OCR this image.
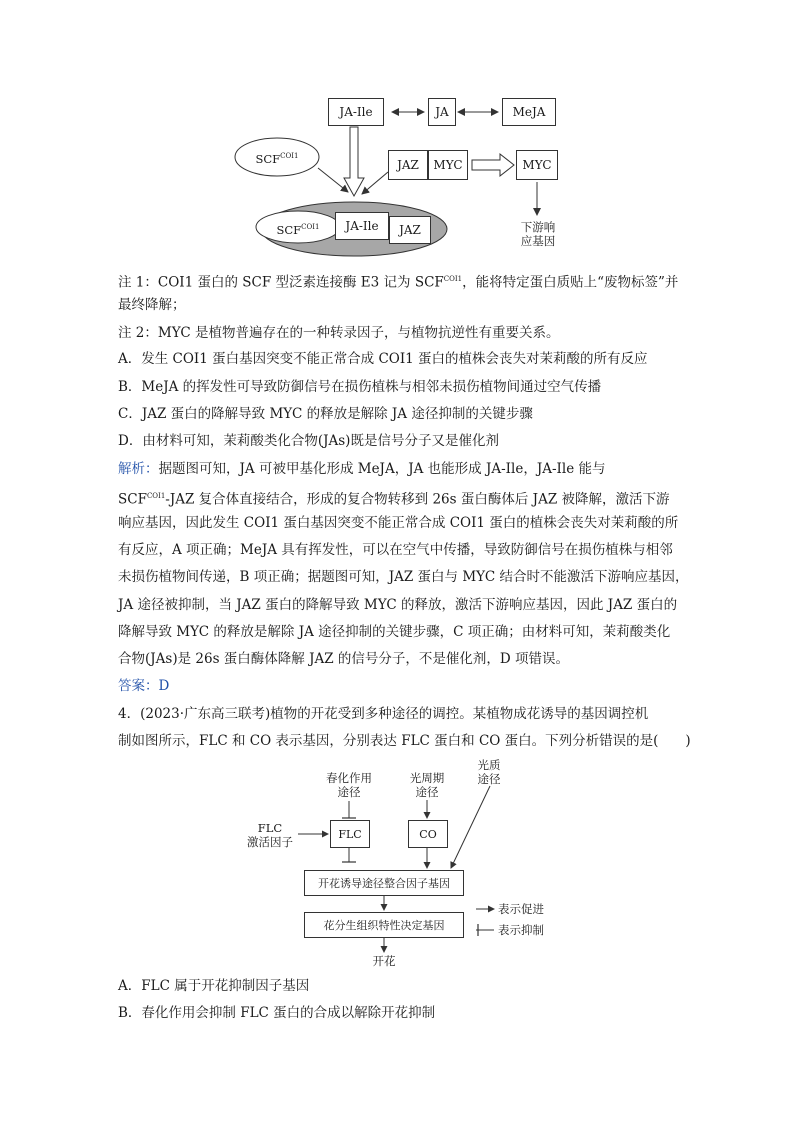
JA-Ile	JA	MeJA
$SCF^{COI1}$
JAZ MYC	MYC
$SCF^{COI1}$	JA-Ile JAZ	下游响
应基因
注 1：COI1 蛋白的 SCF 型泛素连接酶 E3 记为 $SCF^{COI1}$，能将特定蛋白质贴上“废物标签”并
最终降解；
注 2：MYC 是植物普遍存在的一种转录因子，与植物抗逆性有重要关系。
A．发生 COI1 蛋白基因突变不能正常合成 COI1 蛋白的植株会丧失对茉莉酸的所有反应
B．MeJA 的挥发性可导致防御信号在损伤植株与相邻未损伤植物间通过空气传播
C．JAZ 蛋白的降解导致 MYC 的释放是解除 JA 途径抑制的关键步骤
D．由材料可知，茉莉酸类化合物(JAs)既是信号分子又是催化剂
解析：据题图可知，JA 可被甲基化形成 MeJA，JA 也能形成 JA-Ile，JA-Ile 能与
$SCF^{COI1}$-JAZ 复合体直接结合，形成的复合物转移到 26s 蛋白酶体后 JAZ 被降解，激活下游
响应基因，因此发生 COI1 蛋白基因突变不能正常合成 COI1 蛋白的植株会丧失对茉莉酸的所
有反应，A 项正确；MeJA 具有挥发性，可以在空气中传播，导致防御信号在损伤植株与相邻
未损伤植物间传递，B 项正确；据题图可知，JAZ 蛋白与 MYC 结合时不能激活下游响应基因，
JA 途径被抑制，当 JAZ 蛋白的降解导致 MYC 的释放，激活下游响应基因，因此 JAZ 蛋白的
降解导致 MYC 的释放是解除 JA 途径抑制的关键步骤，C 项正确；由材料可知，茉莉酸类化
合物(JAs)是 26s 蛋白酶体降解 JAZ 的信号分子，不是催化剂，D 项错误。
答案：D
4．(2023·广东高三联考)植物的开花受到多种途径的调控。某植物成花诱导的基因调控机
制如图所示，FLC 和 CO 表示基因，分别表达 FLC 蛋白和 CO 蛋白。下列分析错误的是(　　)
春化作用
途径
光周期
途径
光质
途径
FLC
激活因子
FLC	CO
开花诱导途径整合因子基因
花分生组织特性决定基因
开花
表示促进
表示抑制
A．FLC 属于开花抑制因子基因
B．春化作用会抑制 FLC 蛋白的合成以解除开花抑制
